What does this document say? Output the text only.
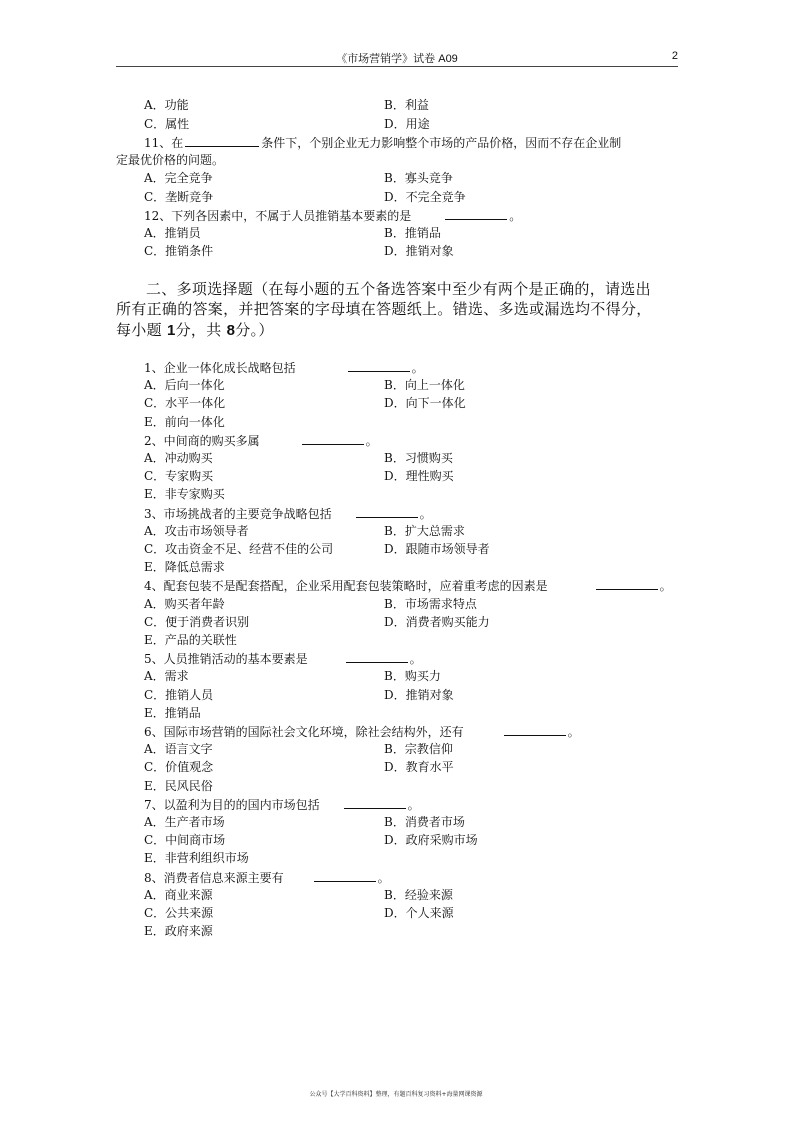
《市场营销学》试卷 A09	2
A．功能	B．利益
C．属性	D．用途
11、在	条件下，个别企业无力影响整个市场的产品价格，因而不存在企业制
定最优价格的问题。
A．完全竞争	B．寡头竞争
C．垄断竞争	D．不完全竞争
12、下列各因素中，不属于人员推销基本要素的是	。
A．推销员	B．推销品
C．推销条件	D．推销对象
二、多项选择题（在每小题的五个备选答案中至少有两个是正确的，请选出
所有正确的答案，并把答案的字母填在答题纸上。错选、多选或漏选均不得分，
每小题 1分，共 8分。）
1、企业一体化成长战略包括	。
A．后向一体化	B．向上一体化
C．水平一体化	D．向下一体化
E．前向一体化
2、中间商的购买多属	。
A．冲动购买	B．习惯购买
C．专家购买	D．理性购买
E．非专家购买
3、市场挑战者的主要竞争战略包括	。
A．攻击市场领导者	B．扩大总需求
C．攻击资金不足、经营不佳的公司	D．跟随市场领导者
E．降低总需求
4、配套包装不是配套搭配，企业采用配套包装策略时，应着重考虑的因素是	。
A．购买者年龄	B．市场需求特点
C．便于消费者识别	D．消费者购买能力
E．产品的关联性
5、人员推销活动的基本要素是	。
A．需求	B．购买力
C．推销人员	D．推销对象
E．推销品
6、国际市场营销的国际社会文化环境，除社会结构外，还有	。
A．语言文字	B．宗教信仰
C．价值观念	D．教育水平
E．民风民俗
7、以盈利为目的的国内市场包括	。
A．生产者市场	B．消费者市场
C．中间商市场	D．政府采购市场
E．非营利组织市场
8、消费者信息来源主要有	。
A．商业来源	B．经验来源
C．公共来源	D．个人来源
E．政府来源
公众号【大学百科资料】整理，有题百科复习资料+海量网课资源
